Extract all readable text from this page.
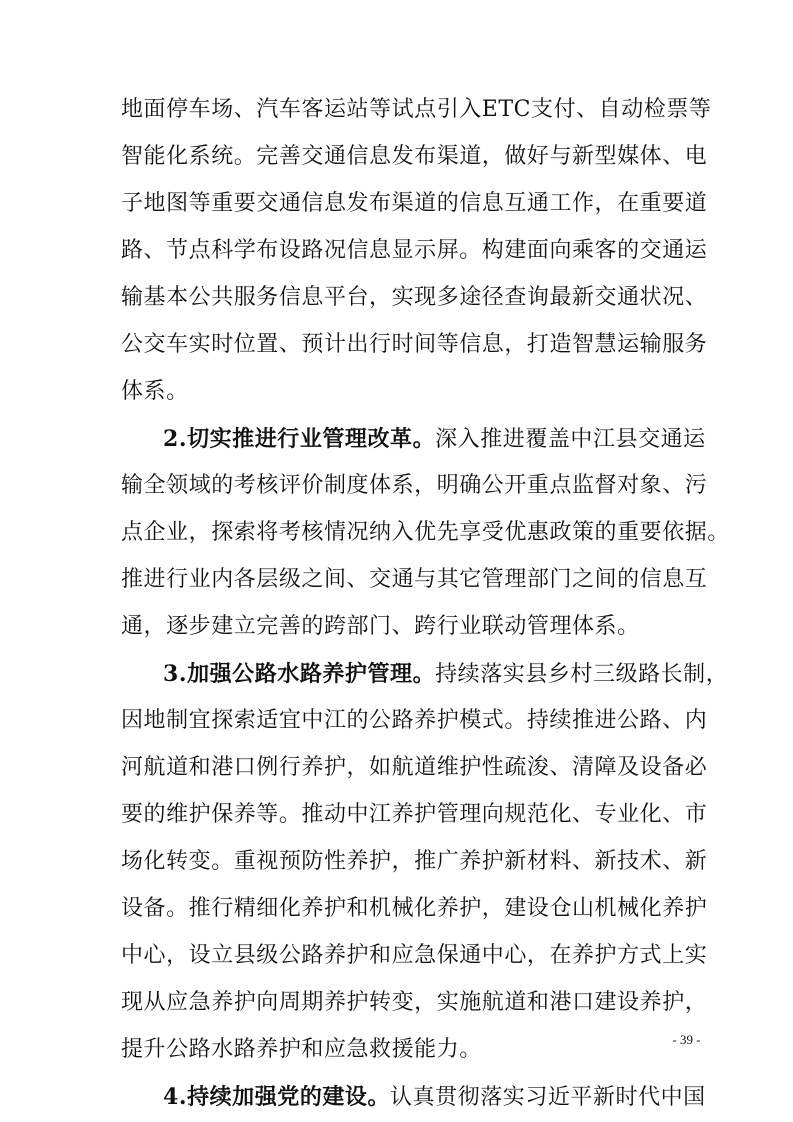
地面停车场、汽车客运站等试点引入ETC支付、自动检票等
智能化系统。完善交通信息发布渠道，做好与新型媒体、电
子地图等重要交通信息发布渠道的信息互通工作，在重要道
路、节点科学布设路况信息显示屏。构建面向乘客的交通运
输基本公共服务信息平台，实现多途径查询最新交通状况、
公交车实时位置、预计出行时间等信息，打造智慧运输服务
体系。
2.切实推进行业管理改革。深入推进覆盖中江县交通运
输全领域的考核评价制度体系，明确公开重点监督对象、污
点企业，探索将考核情况纳入优先享受优惠政策的重要依据。
推进行业内各层级之间、交通与其它管理部门之间的信息互
通，逐步建立完善的跨部门、跨行业联动管理体系。
3.加强公路水路养护管理。持续落实县乡村三级路长制，
因地制宜探索适宜中江的公路养护模式。持续推进公路、内
河航道和港口例行养护，如航道维护性疏浚、清障及设备必
要的维护保养等。推动中江养护管理向规范化、专业化、市
场化转变。重视预防性养护，推广养护新材料、新技术、新
设备。推行精细化养护和机械化养护，建设仓山机械化养护
中心，设立县级公路养护和应急保通中心，在养护方式上实
现从应急养护向周期养护转变，实施航道和港口建设养护，
提升公路水路养护和应急救援能力。
4.持续加强党的建设。认真贯彻落实习近平新时代中国
- 39 -
